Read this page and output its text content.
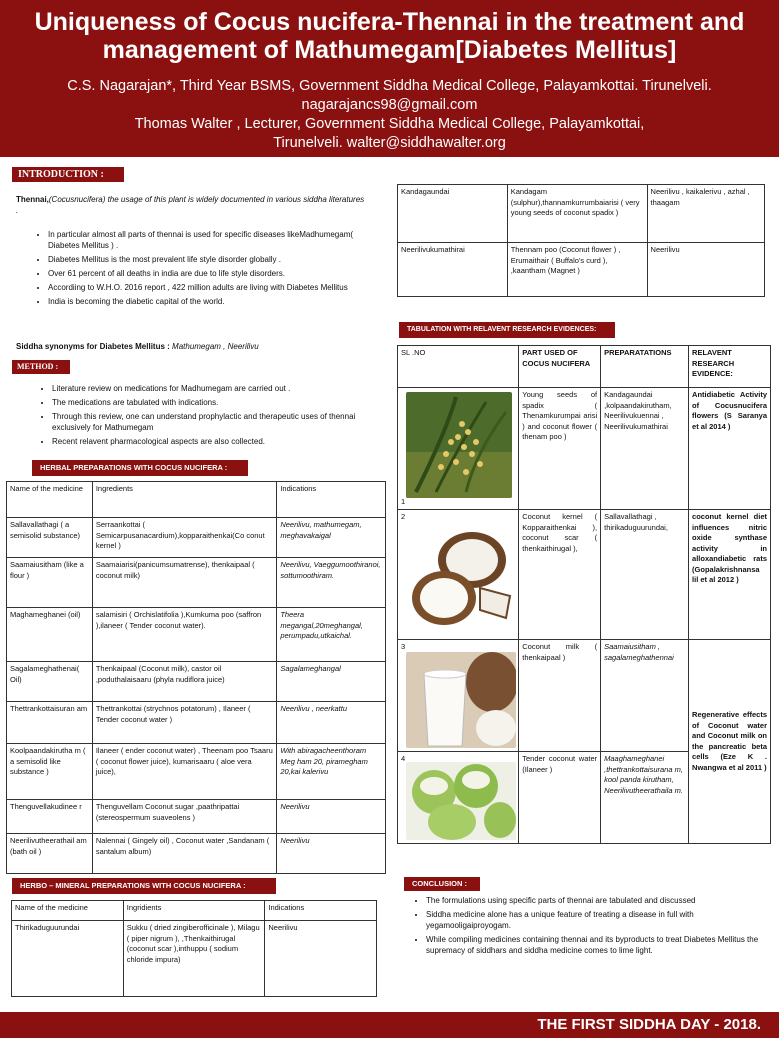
Uniqueness of Cocus nucifera-Thennai in the treatment and
management of Mathumegam[Diabetes Mellitus]
C.S. Nagarajan*, Third Year BSMS, Government Siddha Medical College, Palayamkottai. Tirunelveli.
nagarajancs98@gmail.com
Thomas Walter , Lecturer, Government Siddha Medical College, Palayamkottai,
Tirunelveli. walter@siddhawalter.org
INTRODUCTION :
Thennai,(Cocusnucifera) the usage of this plant is widely documented in various siddha literatures .
• In particular almost all parts of thennai is used for specific diseases likeMadhumegam( Diabetes Mellitus ) .
• Diabetes Mellitus is the most prevalent life style disorder globally .
• Over 61 percent of all deaths in india are due to life style disorders.
• Accordiing to W.H.O. 2016 report , 422 million adults are living with Diabetes Mellitus
• India is becoming the diabetic capital of the world.
Siddha synonyms for Diabetes Mellitus : Mathumegam , Neerilivu
METHOD :
• Literature review on medications for Madhumegam are carried out .
• The medications are tabulated with indications.
• Through this review, one can understand prophylactic and therapeutic uses of thennai exclusively for Mathumegam
• Recent relavent pharmacological aspects are also collected.
HERBAL PREPARATIONS WITH COCUS NUCIFERA :
Name of the medicine	Ingredients	Indications
Sallavallathagi ( a semisolid substance)	Serraankottai ( Semicarpusanacardium),kopparaithenkai(Co conut kernel )	Neerilivu, mathumegam, meghavakaigal
Saamaiusitham (like a flour )	Saamaiarisi(panicumsumatrense), thenkaipaal ( coconut milk)	Neerilivu, Vaeggumoothiranoi, sottumoothiram.
Maghameghanei (oil)	salamisiri ( Orchislatifolia ),Kumkuma poo (saffron ),ilaneer ( Tender coconut water).	Theera megangal,20meghangal, perumpadu,utkaichal.
Sagalameghathenai( Oil)	Thenkaipaal (Coconut milk), castor oil ,poduthalaisaaru (phyla nudiflora juice)	Sagalameghangal
Thettrankottaisuran am	Thettrankottai (strychnos potatorum) , Ilaneer ( Tender coconut water )	Neerilivu , neerkattu
Koolpaandakirutha m ( a semisolid like substance )	Ilaneer ( ender coconut water) , Theenam poo Tsaaru ( coconut flower juice), kumarisaaru ( aloe vera juice),	With abiragacheenthoram Meg ham 20, piramegham 20,kai kalerivu
Thenguvellakudinee r	Thenguvellam Coconut sugar ,paathripattai (stereospermum suaveolens )	Neerilivu
Neerilivutheerathail am (bath oil )	Nalennai ( Gingely oil) , Coconut water ,Sandanam ( santalum album)	Neerilivu
HERBO – MINERAL PREPARATIONS WITH COCUS NUCIFERA :
Name of the medicine	Ingridients	Indications
Thirikaduguurundai	Sukku ( dried zingiberofficinale ), Milagu ( piper nigrum ), ,Thenkaithirugal (coconut scar ),inthuppu ( sodium chloride impura)	Neerilivu
Kandagaundai	Kandagam (sulphur),thannamkurrumbaiarisi ( very young seeds of coconut spadix )	Neerilivu , kaikalerivu , azhal , thaagam
Neerilivukumathirai	Thennam poo (Coconut flower ) , Erumaithair ( Buffalo's curd ), ,kaantham (Magnet )	Neerilivu
TABULATION WITH RELAVENT RESEARCH EVIDENCES:
SL .NO	PART USED OF COCUS NUCIFERA	PREPARATATIONS	RELAVENT RESEARCH EVIDENCE:

1	Young seeds of spadix ( Thenamkurumpai arisi ) and coconut flower ( thenam poo )	Kandagaundai ,kolpaandakirutham, Neerilivukuennai , Neerilivukumathirai	Antidiabetic Activity of Cocusnucifera flowers (S Saranya et al 2014 )

2	Coconut kernel ( Kopparaithenkai ), coconut scar ( thenkaithirugal ),	Sallavallathagi , thirikaduguurundai,	coconut kernel diet influences nitric oxide synthase activity in alloxandiabetic rats (Gopalakrishnansa lil et al 2012 )

3	Coconut milk ( thenkaipaal )	Saamaiusitham , sagalameghathennai	Regenerative effects of Coconut water and Coconut milk on the pancreatic beta cells (Eze K . Nwangwa et al 2011 )

4	Tender coconut water (Ilaneer )	Maaghameghanei ,thettrankottaisurana m, kool panda kirutham, Neerilivutheerathaila m.	
CONCLUSION :
• The formulations using specific parts of thennai are tabulated and discussed
• Siddha medicine alone has a unique feature of treating a disease in full with yegamooligaiproyogam.
• While compiling medicines containing thennai and its byproducts to treat Diabetes Mellitus the supremacy of siddhars and siddha medicine comes to lime light.
THE FIRST SIDDHA DAY - 2018.
